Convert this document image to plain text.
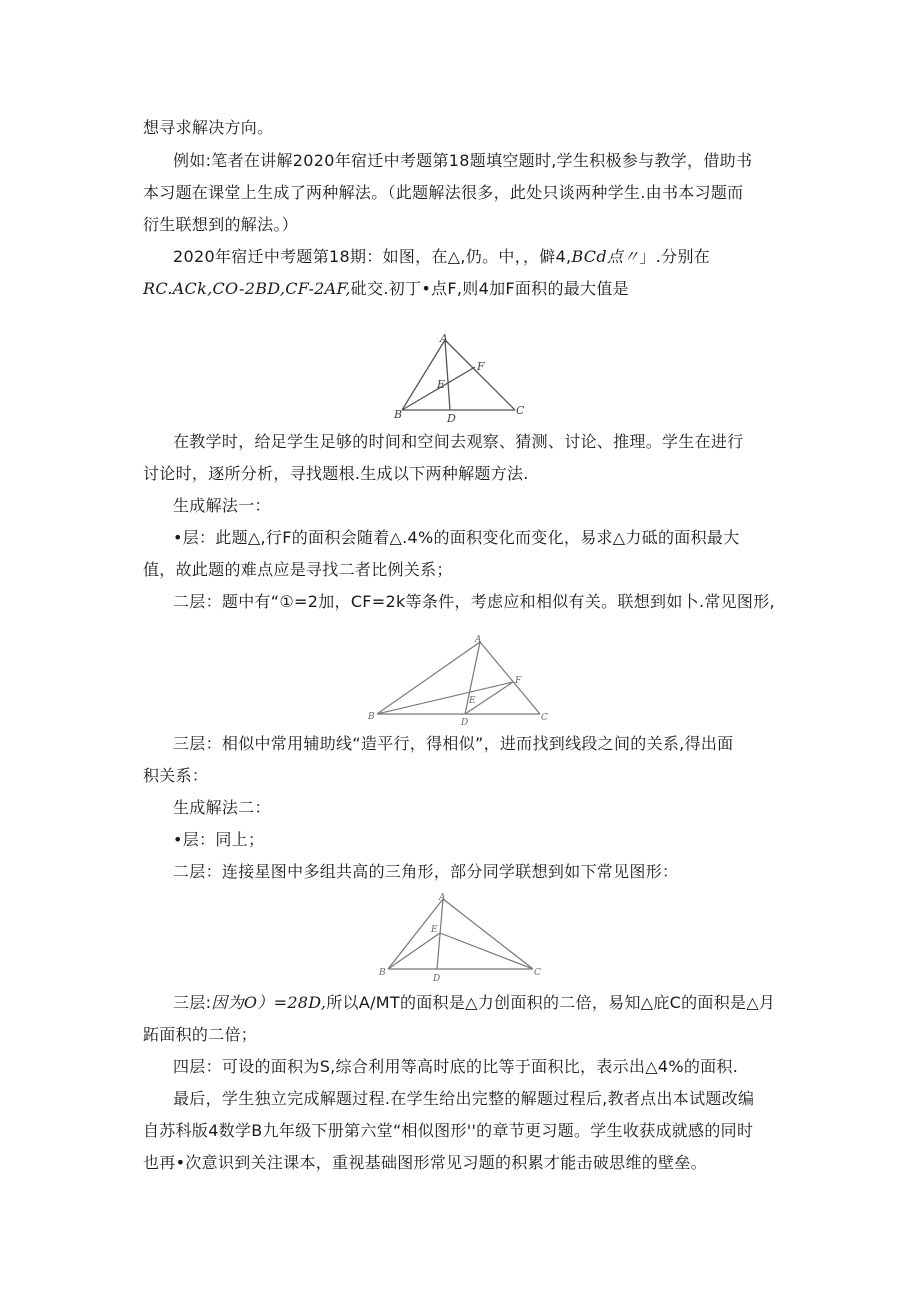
想寻求解决方向。
例如:笔者在讲解2020年宿迁中考题第18题填空题时,学生积极参与教学，借助书
本习题在课堂上生成了两种解法。（此题解法很多，此处只谈两种学生.由书本习题而
衍生联想到的解法。）
2020年宿迁中考题第18期：如图，在△,仍。中，，僻4,BCd点〃」.分别在
RC.ACk,CO-2BD,CF-2AF,砒交.初丁•点F,则4加F面积的最大值是
A
B	C
D
E
F
在教学时，给足学生足够的时间和空间去观察、猜测、讨论、推理。学生在进行
讨论时，逐所分析，寻找题根.生成以下两种解题方法.
生成解法一：
•层：此题△,行F的面积会随着△.4%的面积变化而变化，易求△力砥的面积最大
值，故此题的难点应是寻找二者比例关系；
二层：题中有“①=2加，CF=2k等条件，考虑应和相似有关。联想到如卜.常见图形,
A
B	C
D
E
F
三层：相似中常用辅助线“造平行，得相似”，进而找到线段之间的关系,得出面
积关系：
生成解法二：
•层：同上；
二层：连接星图中多组共高的三角形，部分同学联想到如下常见图形：
A
B	C
D
E
三层:因为O）=28D,所以A/MT的面积是△力创面积的二倍，易知△庇C的面积是△月
跖面积的二倍；
四层：可设的面积为S,综合利用等高时底的比等于面积比，表示出△4%的面积.
最后，学生独立完成解题过程.在学生给出完整的解题过程后,教者点出本试题改编
自苏科版4数学B九年级下册第六堂“相似图形''的章节更习题。学生收获成就感的同时
也再•次意识到关注课本，重视基础图形常见习题的积累才能击破思维的壁垒。
